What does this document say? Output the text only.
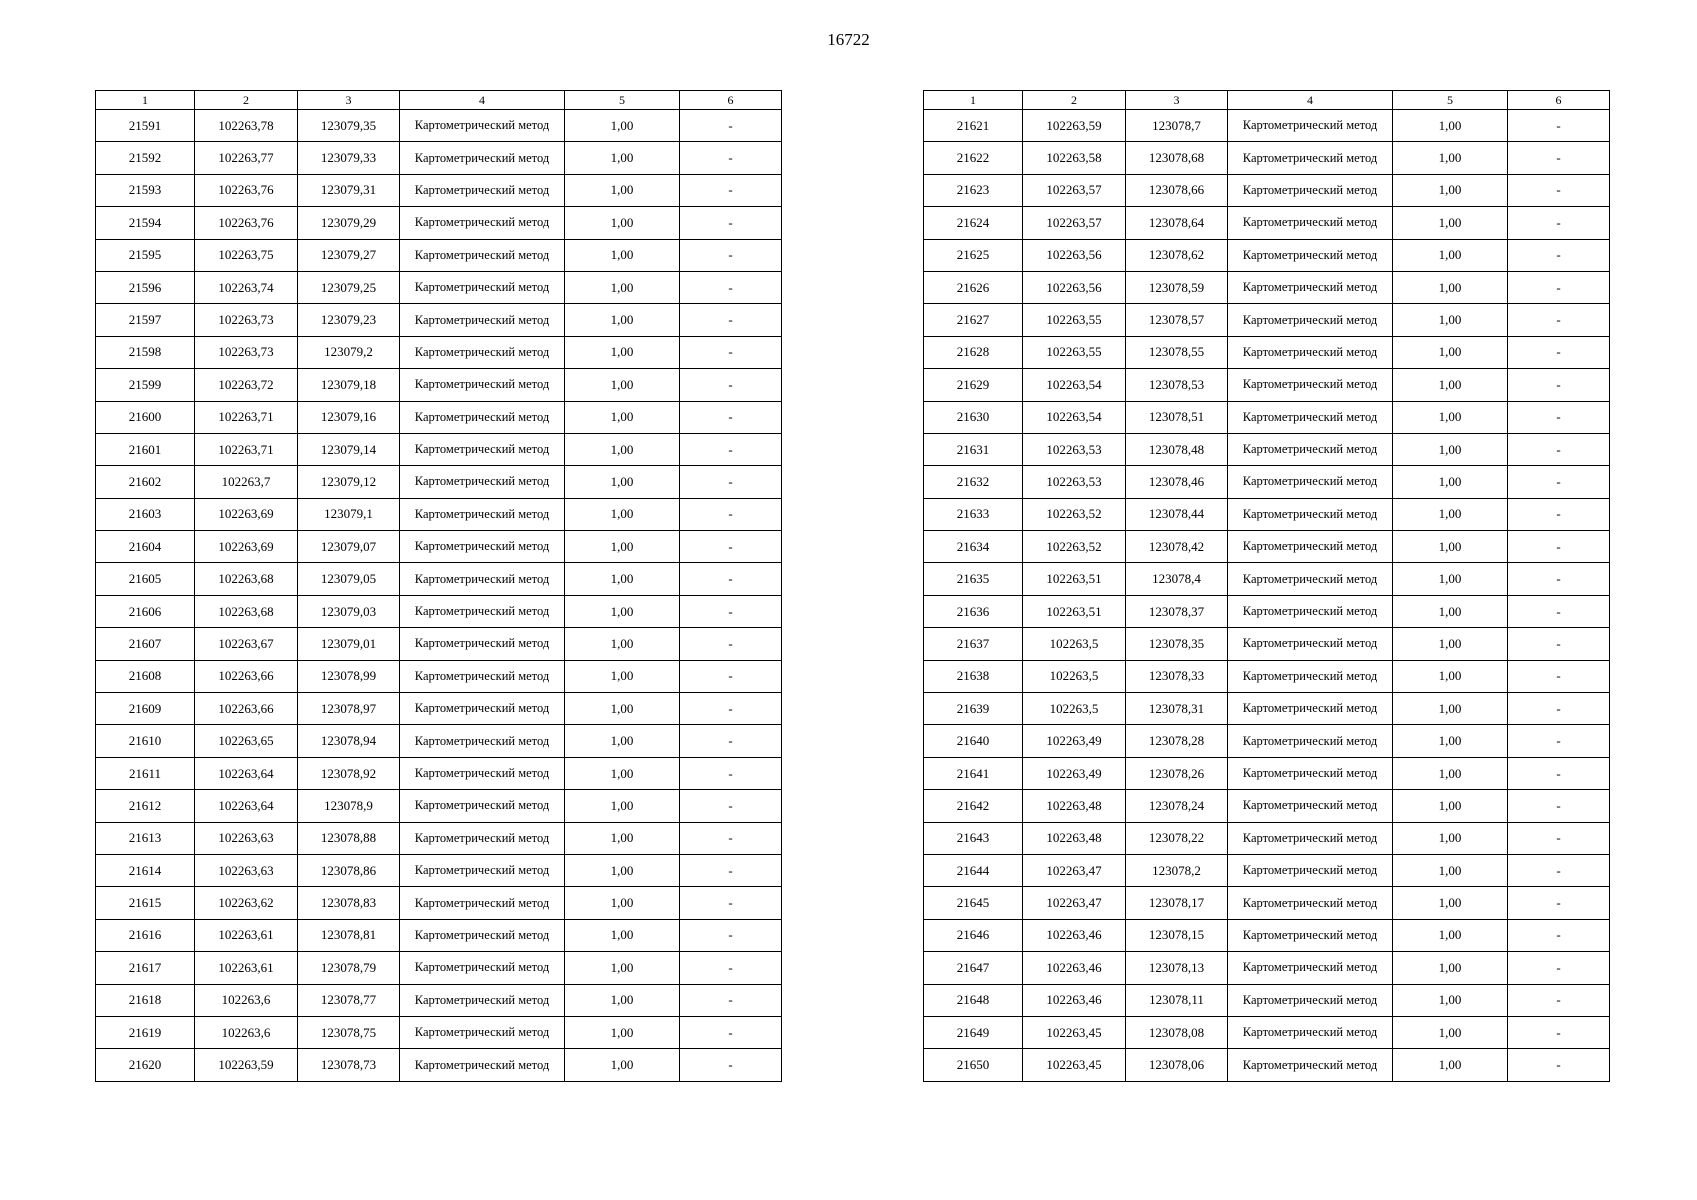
16722
1	2	3	4	5	6
21591	102263,78	123079,35	Картометрический метод	1,00	-
21592	102263,77	123079,33	Картометрический метод	1,00	-
21593	102263,76	123079,31	Картометрический метод	1,00	-
21594	102263,76	123079,29	Картометрический метод	1,00	-
21595	102263,75	123079,27	Картометрический метод	1,00	-
21596	102263,74	123079,25	Картометрический метод	1,00	-
21597	102263,73	123079,23	Картометрический метод	1,00	-
21598	102263,73	123079,2	Картометрический метод	1,00	-
21599	102263,72	123079,18	Картометрический метод	1,00	-
21600	102263,71	123079,16	Картометрический метод	1,00	-
21601	102263,71	123079,14	Картометрический метод	1,00	-
21602	102263,7	123079,12	Картометрический метод	1,00	-
21603	102263,69	123079,1	Картометрический метод	1,00	-
21604	102263,69	123079,07	Картометрический метод	1,00	-
21605	102263,68	123079,05	Картометрический метод	1,00	-
21606	102263,68	123079,03	Картометрический метод	1,00	-
21607	102263,67	123079,01	Картометрический метод	1,00	-
21608	102263,66	123078,99	Картометрический метод	1,00	-
21609	102263,66	123078,97	Картометрический метод	1,00	-
21610	102263,65	123078,94	Картометрический метод	1,00	-
21611	102263,64	123078,92	Картометрический метод	1,00	-
21612	102263,64	123078,9	Картометрический метод	1,00	-
21613	102263,63	123078,88	Картометрический метод	1,00	-
21614	102263,63	123078,86	Картометрический метод	1,00	-
21615	102263,62	123078,83	Картометрический метод	1,00	-
21616	102263,61	123078,81	Картометрический метод	1,00	-
21617	102263,61	123078,79	Картометрический метод	1,00	-
21618	102263,6	123078,77	Картометрический метод	1,00	-
21619	102263,6	123078,75	Картометрический метод	1,00	-
21620	102263,59	123078,73	Картометрический метод	1,00	-
1	2	3	4	5	6
21621	102263,59	123078,7	Картометрический метод	1,00	-
21622	102263,58	123078,68	Картометрический метод	1,00	-
21623	102263,57	123078,66	Картометрический метод	1,00	-
21624	102263,57	123078,64	Картометрический метод	1,00	-
21625	102263,56	123078,62	Картометрический метод	1,00	-
21626	102263,56	123078,59	Картометрический метод	1,00	-
21627	102263,55	123078,57	Картометрический метод	1,00	-
21628	102263,55	123078,55	Картометрический метод	1,00	-
21629	102263,54	123078,53	Картометрический метод	1,00	-
21630	102263,54	123078,51	Картометрический метод	1,00	-
21631	102263,53	123078,48	Картометрический метод	1,00	-
21632	102263,53	123078,46	Картометрический метод	1,00	-
21633	102263,52	123078,44	Картометрический метод	1,00	-
21634	102263,52	123078,42	Картометрический метод	1,00	-
21635	102263,51	123078,4	Картометрический метод	1,00	-
21636	102263,51	123078,37	Картометрический метод	1,00	-
21637	102263,5	123078,35	Картометрический метод	1,00	-
21638	102263,5	123078,33	Картометрический метод	1,00	-
21639	102263,5	123078,31	Картометрический метод	1,00	-
21640	102263,49	123078,28	Картометрический метод	1,00	-
21641	102263,49	123078,26	Картометрический метод	1,00	-
21642	102263,48	123078,24	Картометрический метод	1,00	-
21643	102263,48	123078,22	Картометрический метод	1,00	-
21644	102263,47	123078,2	Картометрический метод	1,00	-
21645	102263,47	123078,17	Картометрический метод	1,00	-
21646	102263,46	123078,15	Картометрический метод	1,00	-
21647	102263,46	123078,13	Картометрический метод	1,00	-
21648	102263,46	123078,11	Картометрический метод	1,00	-
21649	102263,45	123078,08	Картометрический метод	1,00	-
21650	102263,45	123078,06	Картометрический метод	1,00	-
